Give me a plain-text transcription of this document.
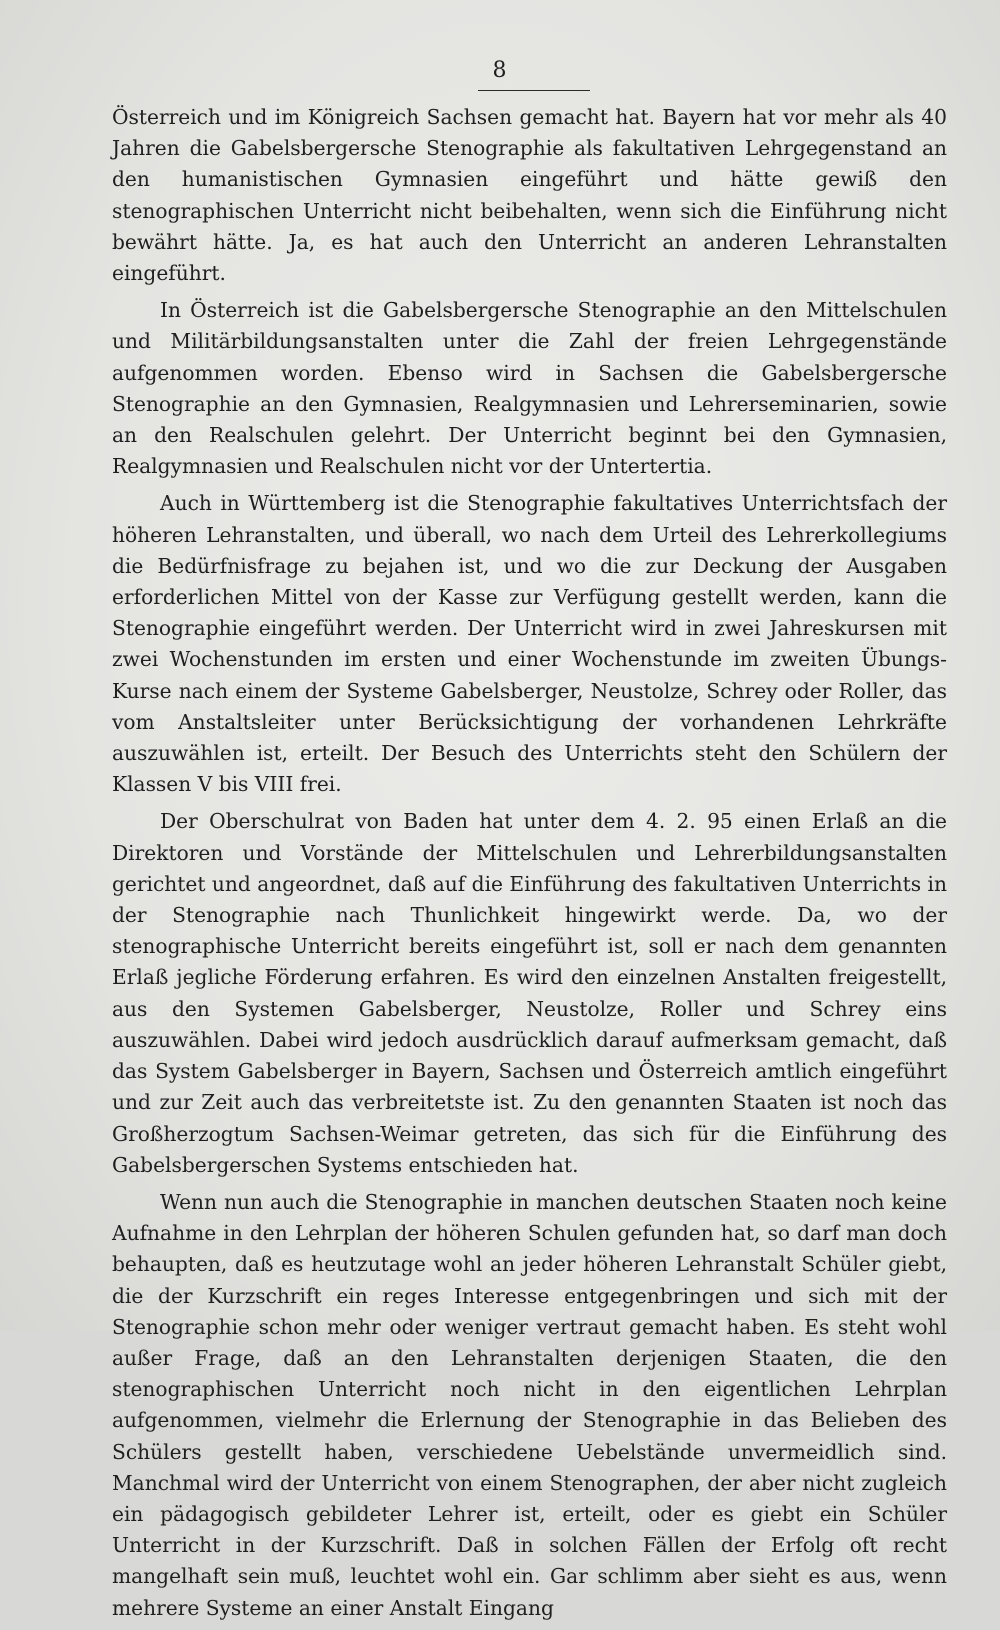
8

Österreich und im Königreich Sachsen gemacht hat. Bayern hat vor mehr als 40 Jahren die Gabelsbergersche Stenographie als fakultativen Lehrgegenstand an den humanistischen Gymnasien eingeführt und hätte gewiß den stenographischen Unterricht nicht beibehalten, wenn sich die Einführung nicht bewährt hätte. Ja, es hat auch den Unterricht an anderen Lehranstalten eingeführt.

In Österreich ist die Gabelsbergersche Stenographie an den Mittelschulen und Militärbildungsanstalten unter die Zahl der freien Lehrgegenstände aufgenommen worden. Ebenso wird in Sachsen die Gabelsbergersche Stenographie an den Gymnasien, Realgymnasien und Lehrerseminarien, sowie an den Realschulen gelehrt. Der Unterricht beginnt bei den Gymnasien, Realgymnasien und Realschulen nicht vor der Untertertia.

Auch in Württemberg ist die Stenographie fakultatives Unterrichtsfach der höheren Lehranstalten, und überall, wo nach dem Urteil des Lehrerkollegiums die Bedürfnisfrage zu bejahen ist, und wo die zur Deckung der Ausgaben erforderlichen Mittel von der Kasse zur Verfügung gestellt werden, kann die Stenographie eingeführt werden. Der Unterricht wird in zwei Jahreskursen mit zwei Wochenstunden im ersten und einer Wochenstunde im zweiten Übungs-Kurse nach einem der Systeme Gabelsberger, Neustolze, Schrey oder Roller, das vom Anstaltsleiter unter Berücksichtigung der vorhandenen Lehrkräfte auszuwählen ist, erteilt. Der Besuch des Unterrichts steht den Schülern der Klassen V bis VIII frei.

Der Oberschulrat von Baden hat unter dem 4. 2. 95 einen Erlaß an die Direktoren und Vorstände der Mittelschulen und Lehrerbildungsanstalten gerichtet und angeordnet, daß auf die Einführung des fakultativen Unterrichts in der Stenographie nach Thunlichkeit hingewirkt werde. Da, wo der stenographische Unterricht bereits eingeführt ist, soll er nach dem genannten Erlaß jegliche Förderung erfahren. Es wird den einzelnen Anstalten freigestellt, aus den Systemen Gabelsberger, Neustolze, Roller und Schrey eins auszuwählen. Dabei wird jedoch ausdrücklich darauf aufmerksam gemacht, daß das System Gabelsberger in Bayern, Sachsen und Österreich amtlich eingeführt und zur Zeit auch das verbreitetste ist. Zu den genannten Staaten ist noch das Großherzogtum Sachsen-Weimar getreten, das sich für die Einführung des Gabelsbergerschen Systems entschieden hat.

Wenn nun auch die Stenographie in manchen deutschen Staaten noch keine Aufnahme in den Lehrplan der höheren Schulen gefunden hat, so darf man doch behaupten, daß es heutzutage wohl an jeder höheren Lehranstalt Schüler giebt, die der Kurzschrift ein reges Interesse entgegenbringen und sich mit der Stenographie schon mehr oder weniger vertraut gemacht haben. Es steht wohl außer Frage, daß an den Lehranstalten derjenigen Staaten, die den stenographischen Unterricht noch nicht in den eigentlichen Lehrplan aufgenommen, vielmehr die Erlernung der Stenographie in das Belieben des Schülers gestellt haben, verschiedene Uebelstände unvermeidlich sind. Manchmal wird der Unterricht von einem Stenographen, der aber nicht zugleich ein pädagogisch gebildeter Lehrer ist, erteilt, oder es giebt ein Schüler Unterricht in der Kurzschrift. Daß in solchen Fällen der Erfolg oft recht mangelhaft sein muß, leuchtet wohl ein. Gar schlimm aber sieht es aus, wenn mehrere Systeme an einer Anstalt Eingang
